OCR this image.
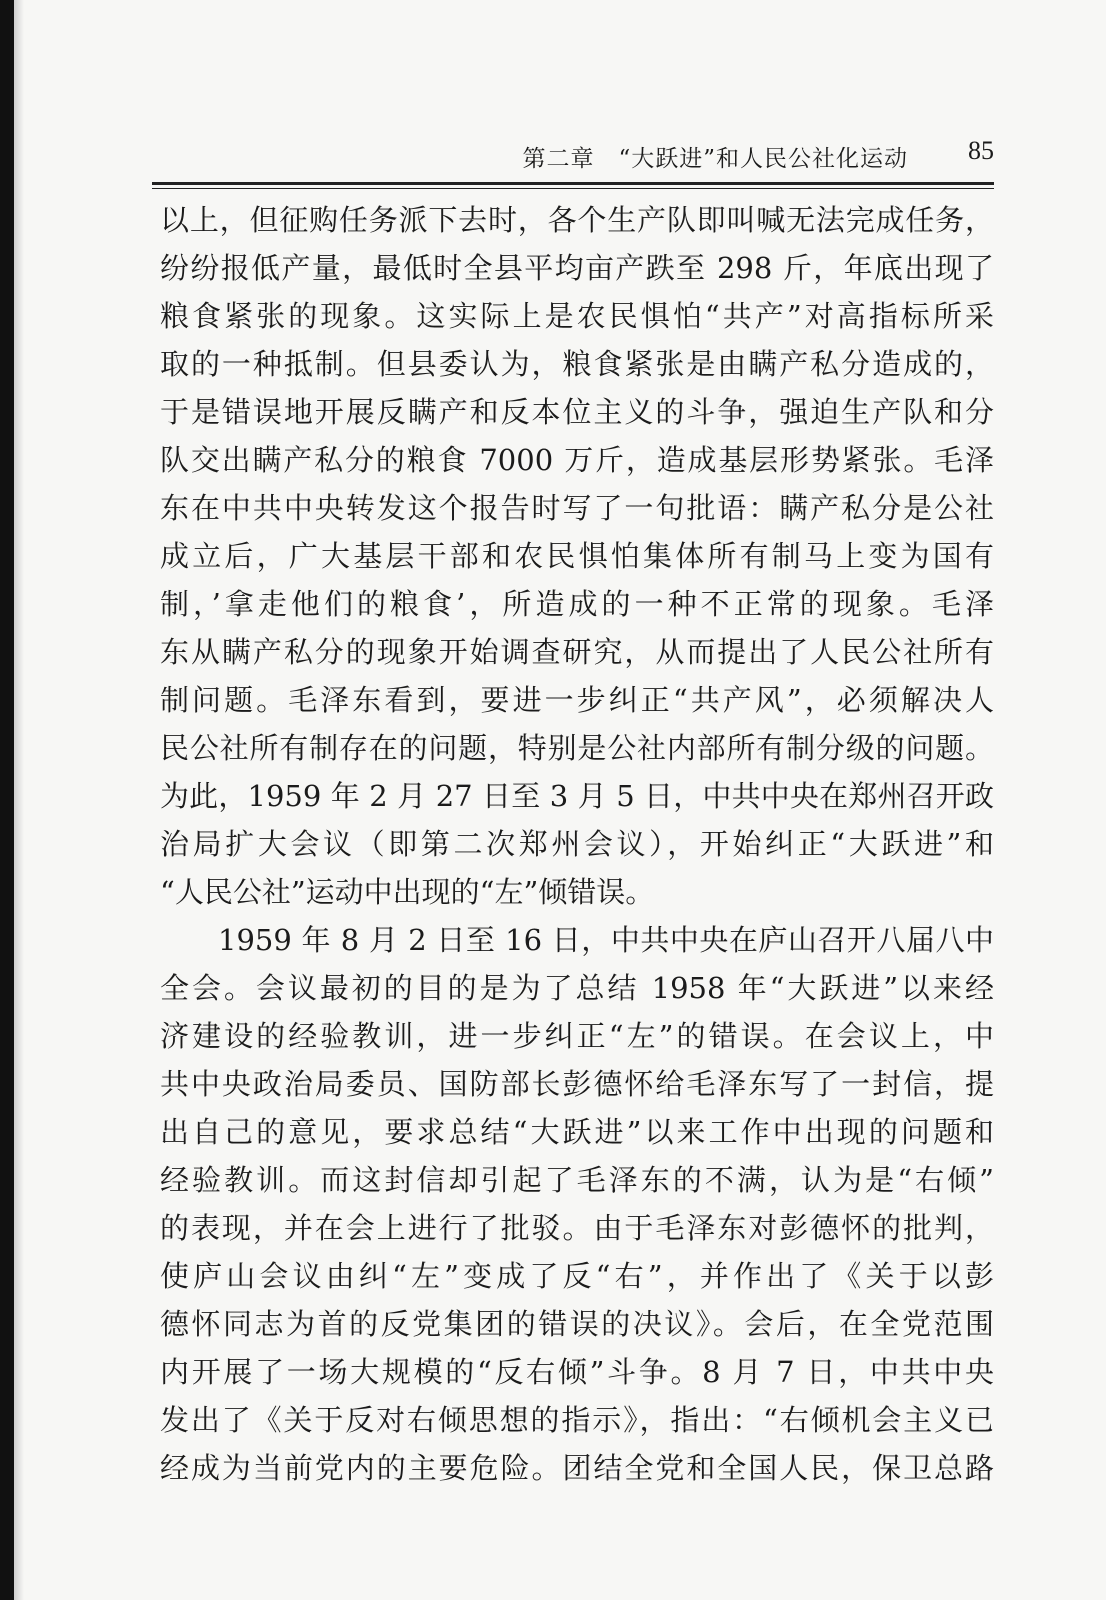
第二章　“大跃进”和人民公社化运动 85

以上，但征购任务派下去时，各个生产队即叫喊无法完成任务，

纷纷报低产量，最低时全县平均亩产跌至 298 斤，年底出现了

粮食紧张的现象。这实际上是农民惧怕“共产”对高指标所采

取的一种抵制。但县委认为，粮食紧张是由瞒产私分造成的，

于是错误地开展反瞒产和反本位主义的斗争，强迫生产队和分

队交出瞒产私分的粮食 7000 万斤，造成基层形势紧张。毛泽

东在中共中央转发这个报告时写了一句批语：瞒产私分是公社

成立后，广大基层干部和农民惧怕集体所有制马上变为国有

制，’拿走他们的粮食’，所造成的一种不正常的现象。毛泽

东从瞒产私分的现象开始调查研究，从而提出了人民公社所有

制问题。毛泽东看到，要进一步纠正“共产风”，必须解决人

民公社所有制存在的问题，特别是公社内部所有制分级的问题。

为此，1959 年 2 月 27 日至 3 月 5 日，中共中央在郑州召开政

治局扩大会议（即第二次郑州会议），开始纠正“大跃进”和

“人民公社”运动中出现的“左”倾错误。

1959 年 8 月 2 日至 16 日，中共中央在庐山召开八届八中

全会。会议最初的目的是为了总结 1958 年“大跃进”以来经

济建设的经验教训，进一步纠正“左”的错误。在会议上，中

共中央政治局委员、国防部长彭德怀给毛泽东写了一封信，提

出自己的意见，要求总结“大跃进”以来工作中出现的问题和

经验教训。而这封信却引起了毛泽东的不满，认为是“右倾”

的表现，并在会上进行了批驳。由于毛泽东对彭德怀的批判，

使庐山会议由纠“左”变成了反“右”，并作出了《关于以彭

德怀同志为首的反党集团的错误的决议》。会后，在全党范围

内开展了一场大规模的“反右倾”斗争。8 月 7 日，中共中央

发出了《关于反对右倾思想的指示》，指出：“右倾机会主义已

经成为当前党内的主要危险。团结全党和全国人民，保卫总路
